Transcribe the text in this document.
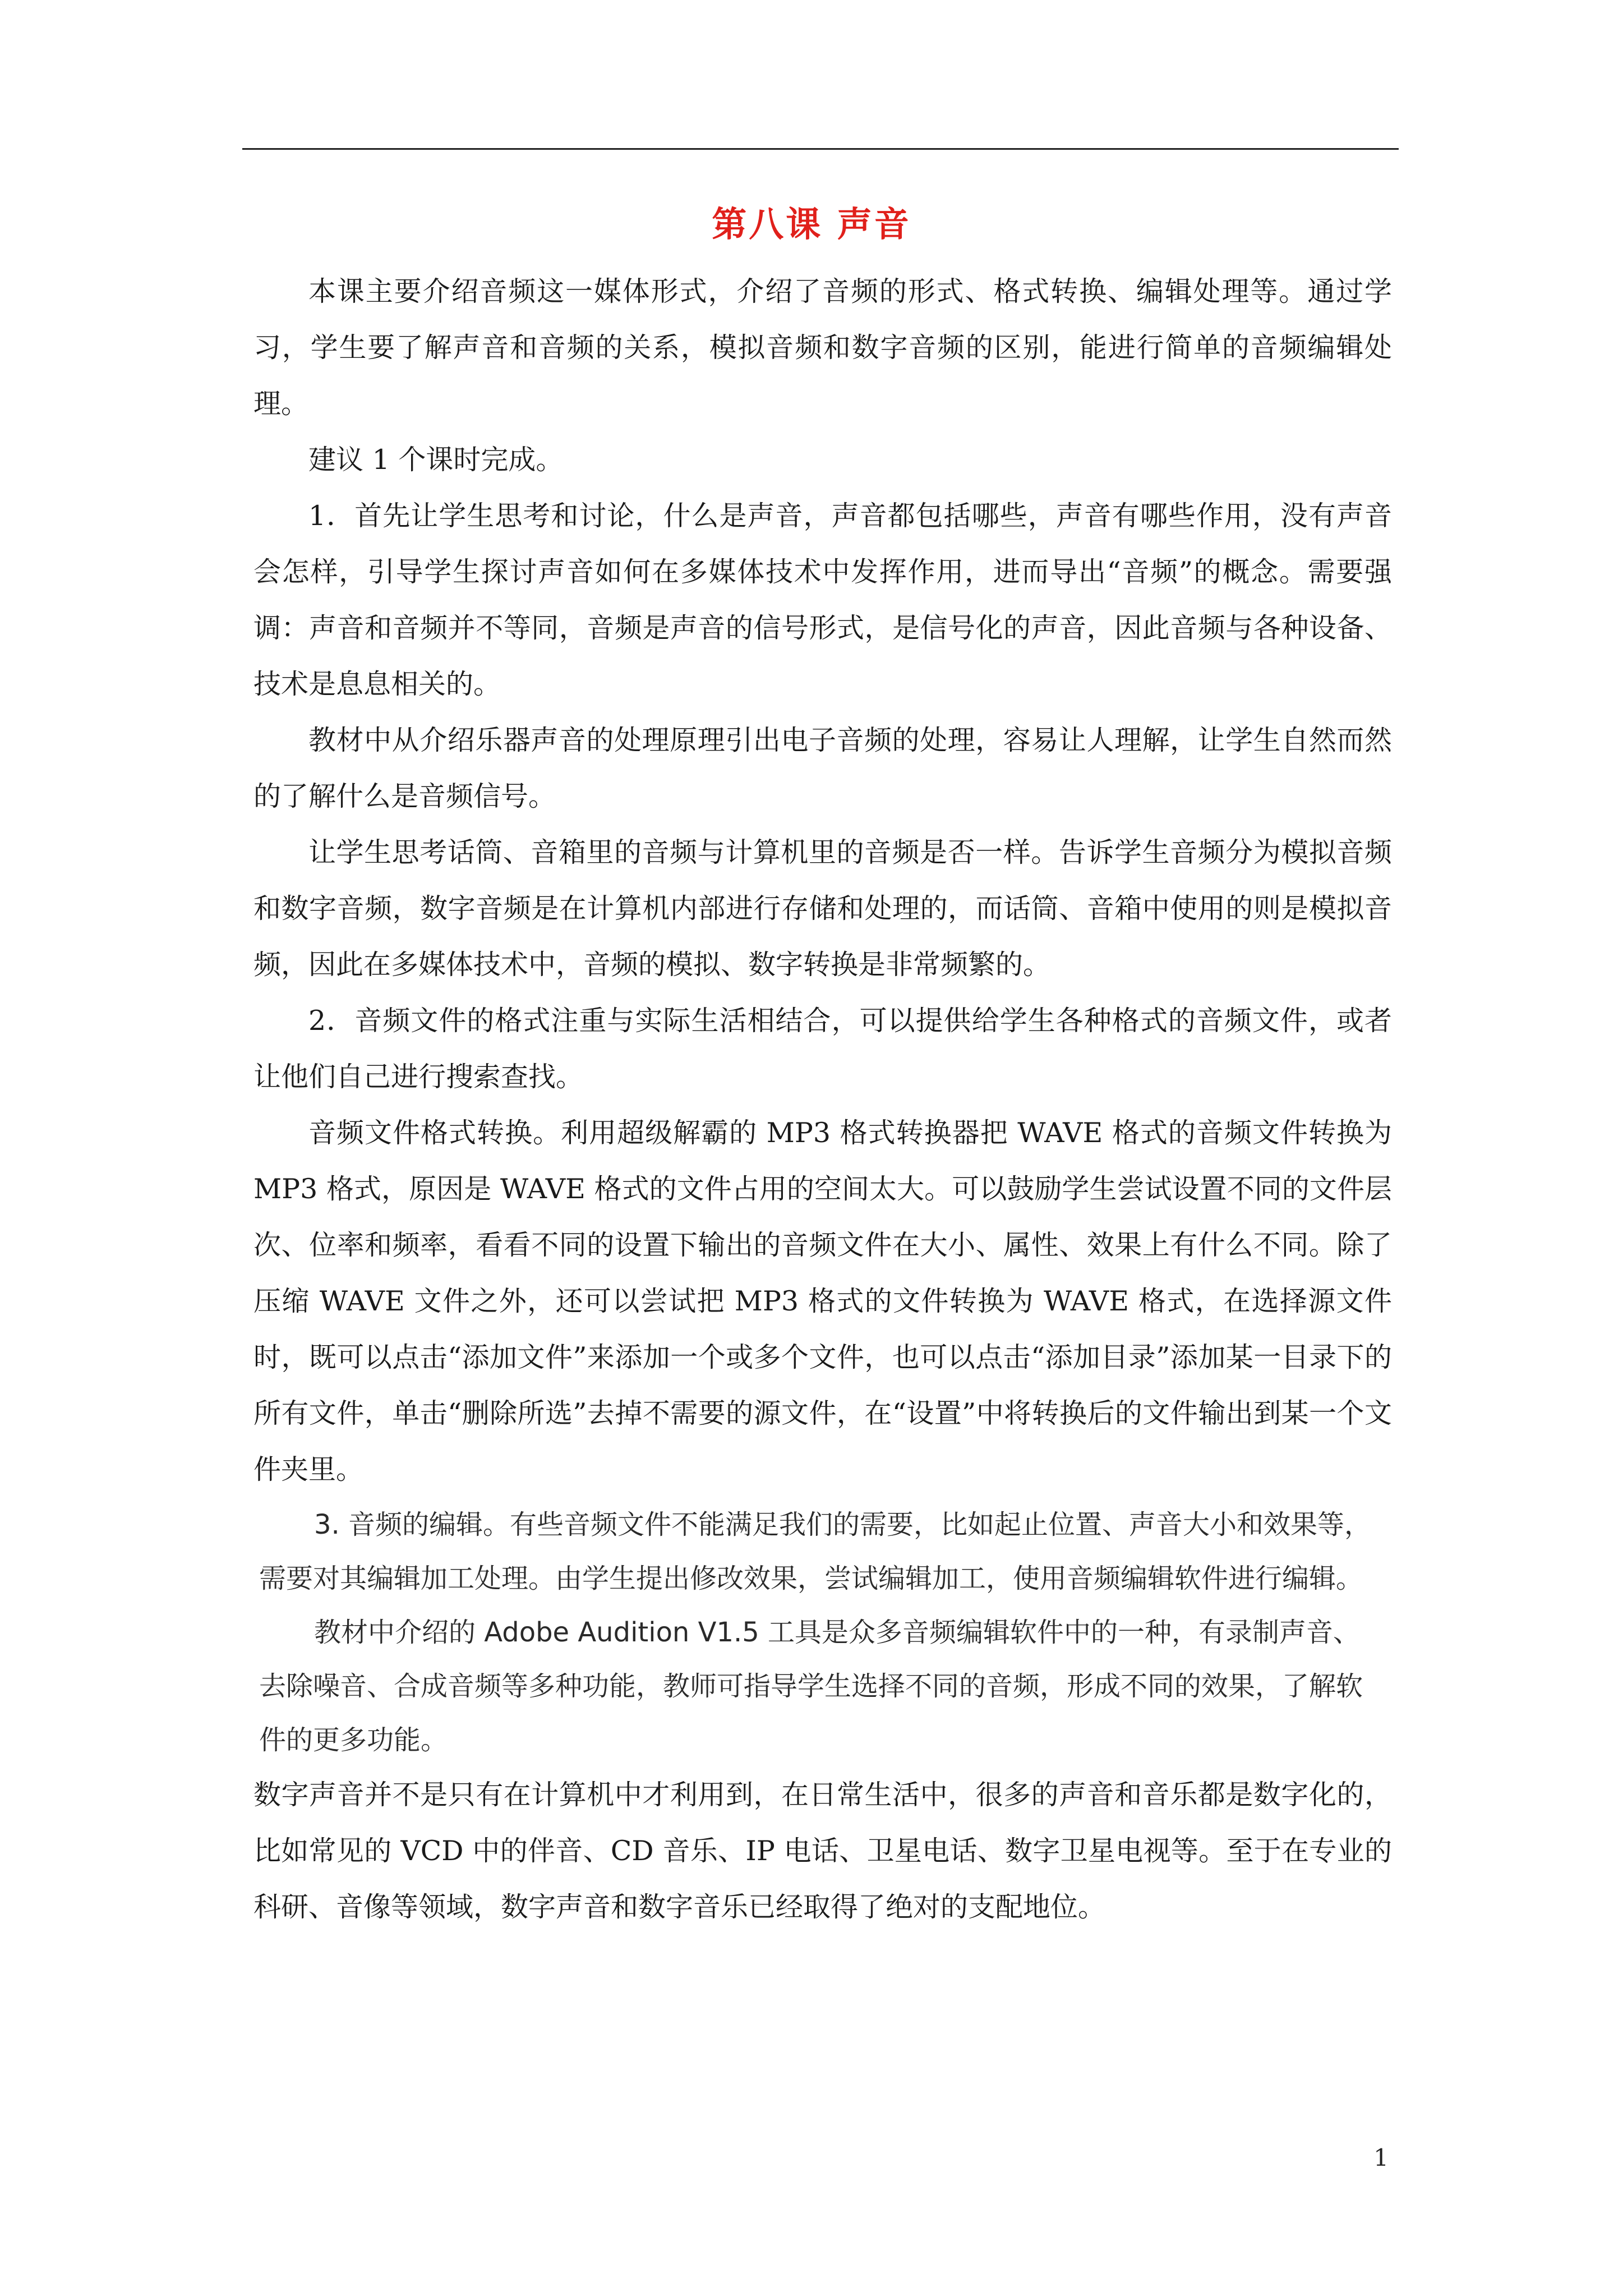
第八课 声音

本课主要介绍音频这一媒体形式，介绍了音频的形式、格式转换、编辑处理等。通过学习，学生要了解声音和音频的关系，模拟音频和数字音频的区别，能进行简单的音频编辑处理。

建议 1 个课时完成。

1．首先让学生思考和讨论，什么是声音，声音都包括哪些，声音有哪些作用，没有声音会怎样，引导学生探讨声音如何在多媒体技术中发挥作用，进而导出“音频”的概念。需要强调：声音和音频并不等同，音频是声音的信号形式，是信号化的声音，因此音频与各种设备、技术是息息相关的。

教材中从介绍乐器声音的处理原理引出电子音频的处理，容易让人理解，让学生自然而然的了解什么是音频信号。

让学生思考话筒、音箱里的音频与计算机里的音频是否一样。告诉学生音频分为模拟音频和数字音频，数字音频是在计算机内部进行存储和处理的，而话筒、音箱中使用的则是模拟音频，因此在多媒体技术中，音频的模拟、数字转换是非常频繁的。

2．音频文件的格式注重与实际生活相结合，可以提供给学生各种格式的音频文件，或者让他们自己进行搜索查找。

音频文件格式转换。利用超级解霸的 MP3 格式转换器把 WAVE 格式的音频文件转换为 MP3 格式，原因是 WAVE 格式的文件占用的空间太大。可以鼓励学生尝试设置不同的文件层次、位率和频率，看看不同的设置下输出的音频文件在大小、属性、效果上有什么不同。除了压缩 WAVE 文件之外，还可以尝试把 MP3 格式的文件转换为 WAVE 格式，在选择源文件时，既可以点击“添加文件”来添加一个或多个文件，也可以点击“添加目录”添加某一目录下的所有文件，单击“删除所选”去掉不需要的源文件，在“设置”中将转换后的文件输出到某一个文件夹里。

3. 音频的编辑。有些音频文件不能满足我们的需要，比如起止位置、声音大小和效果等，需要对其编辑加工处理。由学生提出修改效果，尝试编辑加工，使用音频编辑软件进行编辑。

教材中介绍的 Adobe Audition V1.5 工具是众多音频编辑软件中的一种，有录制声音、去除噪音、合成音频等多种功能，教师可指导学生选择不同的音频，形成不同的效果，了解软件的更多功能。

数字声音并不是只有在计算机中才利用到，在日常生活中，很多的声音和音乐都是数字化的，比如常见的 VCD 中的伴音、CD 音乐、IP 电话、卫星电话、数字卫星电视等。至于在专业的科研、音像等领域，数字声音和数字音乐已经取得了绝对的支配地位。

1
